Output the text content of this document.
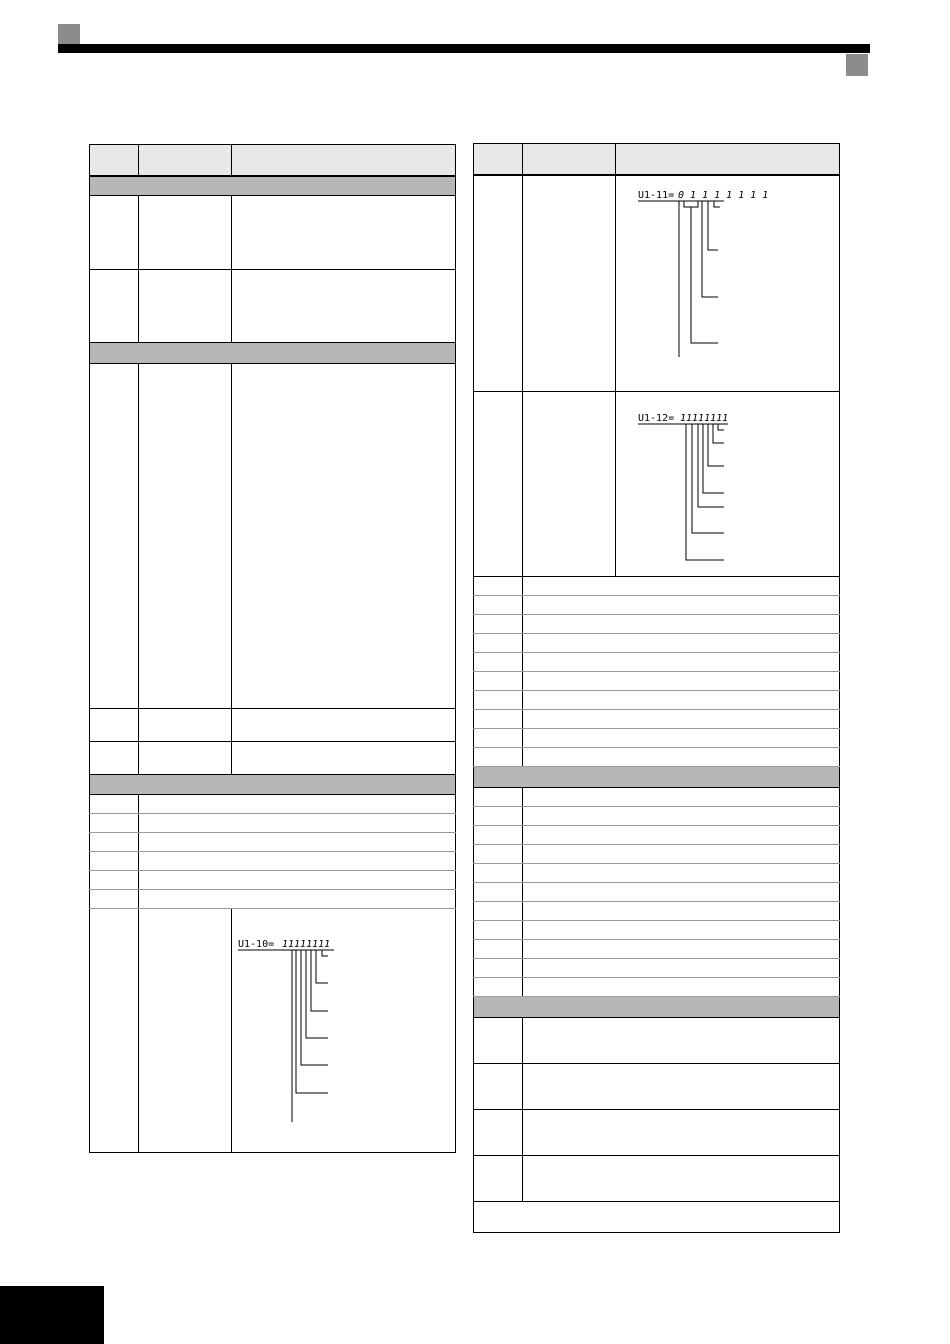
U1-10= 11111111
U1-11= 0 1 1 1 1 1 1 1
U1-12= 11111111
